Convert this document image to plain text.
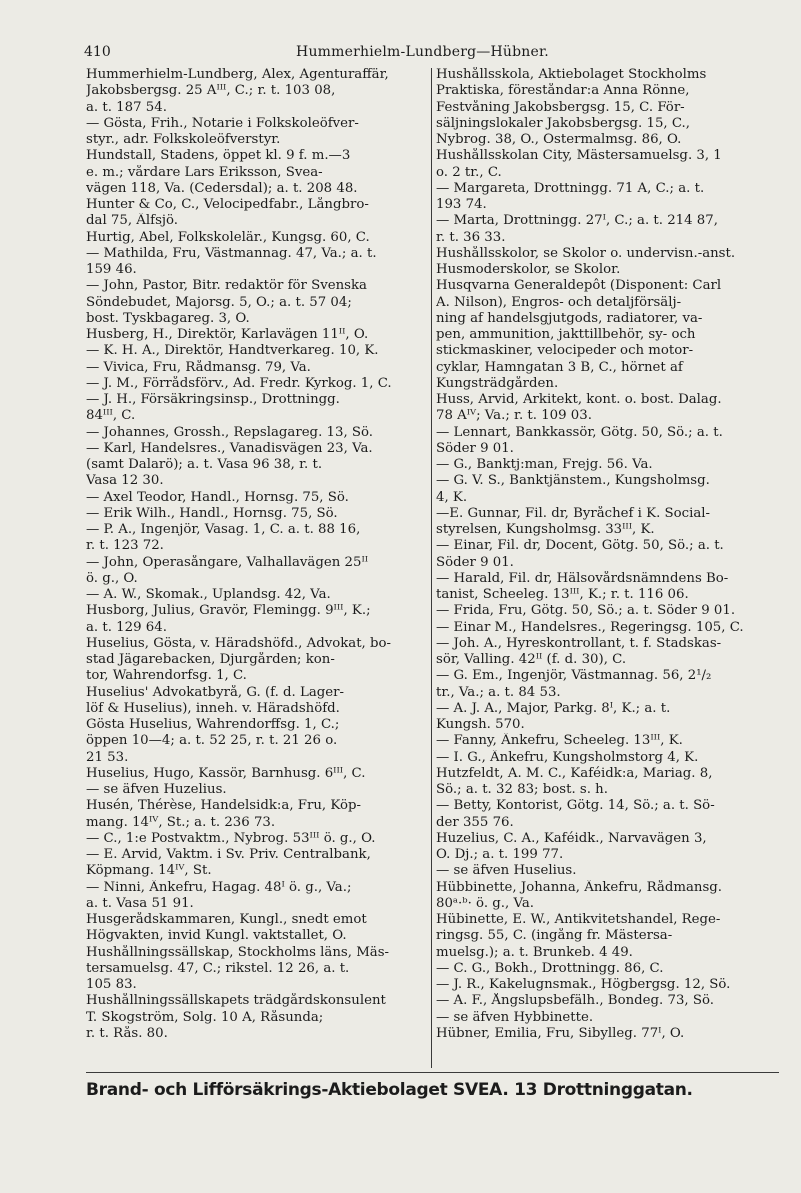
410	Hummerhielm-Lundberg—Hübner.

Hummerhielm-Lundberg, Alex, Agenturaffär,

Jakobsbergsg. 25 Aᴵᴵᴵ, C.; r. t. 103 08,

a. t. 187 54.

— Gösta, Frih., Notarie i Folkskoleöfver-

styr., adr. Folkskoleöfverstyr.

Hundstall, Stadens, öppet kl. 9 f. m.—3

e. m.; vårdare Lars Eriksson, Svea-

vägen 118, Va. (Cedersdal); a. t. 208 48.

Hunter & Co, C., Velocipedfabr., Långbro-

dal 75, Älfsjö.

Hurtig, Abel, Folkskolelär., Kungsg. 60, C.

— Mathilda, Fru, Västmannag. 47, Va.; a. t.

159 46.

— John, Pastor, Bitr. redaktör för Svenska

Söndebudet, Majorsg. 5, Ö.; a. t. 57 04;

bost. Tyskbagareg. 3, Ö.

Husberg, H., Direktör, Karlavägen 11ᴵᴵ, Ö.

— K. H. A., Direktör, Handtverkareg. 10, K.

— Vivica, Fru, Rådmansg. 79, Va.

— J. M., Förrådsförv., Ad. Fredr. Kyrkog. 1, C.

— J. H., Försäkringsinsp., Drottningg.

84ᴵᴵᴵ, C.

— Johannes, Grossh., Repslagareg. 13, Sö.

— Karl, Handelsres., Vanadisvägen 23, Va.

(samt Dalarö); a. t. Vasa 96 38, r. t.

Vasa 12 30.

— Axel Teodor, Handl., Hornsg. 75, Sö.

— Erik Wilh., Handl., Hornsg. 75, Sö.

— P. A., Ingenjör, Vasag. 1, C. a. t. 88 16,

r. t. 123 72.

— John, Operasångare, Valhallavägen 25ᴵᴵ

ö. g., Ö.

— A. W., Skomak., Uplandsg. 42, Va.

Husborg, Julius, Gravör, Flemingg. 9ᴵᴵᴵ, K.;

a. t. 129 64.

Huselius, Gösta, v. Häradshöfd., Advokat, bo-

stad Jägarebacken, Djurgården; kon-

tor, Wahrendorfsg. 1, C.

Huselius' Advokatbyrå, G. (f. d. Lager-

löf & Huselius), inneh. v. Häradshöfd.

Gösta Huselius, Wahrendorffsg. 1, C.;

öppen 10—4; a. t. 52 25, r. t. 21 26 o.

21 53.

Huselius, Hugo, Kassör, Barnhusg. 6ᴵᴵᴵ, C.

— se äfven Huzelius.

Husén, Thérèse, Handelsidk:a, Fru, Köp-

mang. 14ᴵⱽ, St.; a. t. 236 73.

— C., 1:e Postvaktm., Nybrog. 53ᴵᴵᴵ ö. g., Ö.

— E. Arvid, Vaktm. i Sv. Priv. Centralbank,

Köpmang. 14ᴵⱽ, St.

— Ninni, Änkefru, Hagag. 48ᴵ ö. g., Va.;

a. t. Vasa 51 91.

Husgerådskammaren, Kungl., snedt emot

Högvakten, invid Kungl. vaktstallet, Ö.

Hushållningssällskap, Stockholms läns, Mäs-

tersamuelsg. 47, C.; rikstel. 12 26, a. t.

105 83.

Hushållningssällskapets trädgårdskonsulent

T. Skogström, Solg. 10 A, Råsunda;

r. t. Rås. 80.

Hushållsskola, Aktiebolaget Stockholms

Praktiska, föreståndar:a Anna Rönne,

Festvåning Jakobsbergsg. 15, C. För-

säljningslokaler Jakobsbergsg. 15, C.,

Nybrog. 38, Ö., Östermalmsg. 86, Ö.

Hushållsskolan City, Mästersamuelsg. 3, 1

o. 2 tr., C.

— Margareta, Drottningg. 71 A, C.; a. t.

193 74.

— Marta, Drottningg. 27ᴵ, C.; a. t. 214 87,

r. t. 36 33.

Hushållsskolor, se Skolor o. undervisn.-anst.

Husmoderskolor, se Skolor.

Husqvarna Generaldepôt (Disponent: Carl

A. Nilson), Engros- och detaljförsälj-

ning af handelsgjutgods, radiatorer, va-

pen, ammunition, jakttillbehör, sy- och

stickmaskiner, velocipeder och motor-

cyklar, Hamngatan 3 B, C., hörnet af

Kungsträdgården.

Huss, Arvid, Arkitekt, kont. o. bost. Dalag.

78 Aᴵⱽ; Va.; r. t. 109 03.

— Lennart, Bankkassör, Götg. 50, Sö.; a. t.

Söder 9 01.

— G., Banktj:man, Frejg. 56. Va.

— G. V. S., Banktjänstem., Kungsholmsg.

4, K.

—E. Gunnar, Fil. dr, Byråchef i K. Social-

styrelsen, Kungsholmsg. 33ᴵᴵᴵ, K.

— Einar, Fil. dr, Docent, Götg. 50, Sö.; a. t.

Söder 9 01.

— Harald, Fil. dr, Hälsovårdsnämndens Bo-

tanist, Scheeleg. 13ᴵᴵᴵ, K.; r. t. 116 06.

— Frida, Fru, Götg. 50, Sö.; a. t. Söder 9 01.

— Einar M., Handelsres., Regeringsg. 105, C.

— Joh. A., Hyreskontrollant, t. f. Stadskas-

sör, Valling. 42ᴵᴵ (f. d. 30), C.

— G. Em., Ingenjör, Västmannag. 56, 2¹/₂

tr., Va.; a. t. 84 53.

— A. J. A., Major, Parkg. 8ᴵ, K.; a. t.

Kungsh. 570.

— Fanny, Änkefru, Scheeleg. 13ᴵᴵᴵ, K.

— I. G., Änkefru, Kungsholmstorg 4, K.

Hutzfeldt, A. M. C., Kaféidk:a, Mariag. 8,

Sö.; a. t. 32 83; bost. s. h.

— Betty, Kontorist, Götg. 14, Sö.; a. t. Sö-

der 355 76.

Huzelius, C. A., Kaféidk., Narvavägen 3,

Ö. Dj.; a. t. 199 77.

— se äfven Huselius.

Hübbinette, Johanna, Änkefru, Rådmansg.

80ᵃ·ᵇ· ö. g., Va.

Hübinette, E. W., Antikvitetshandel, Rege-

ringsg. 55, C. (ingång fr. Mästersa-

muelsg.); a. t. Brunkeb. 4 49.

— C. G., Bokh., Drottningg. 86, C.

— J. R., Kakelugnsmak., Högbergsg. 12, Sö.

— A. F., Ångslupsbefälh., Bondeg. 73, Sö.

— se äfven Hybbinette.

Hübner, Emilia, Fru, Sibylleg. 77ᴵ, Ö.

Brand- och Lifförsäkrings-Aktiebolaget SVEA. 13 Drottninggatan.
